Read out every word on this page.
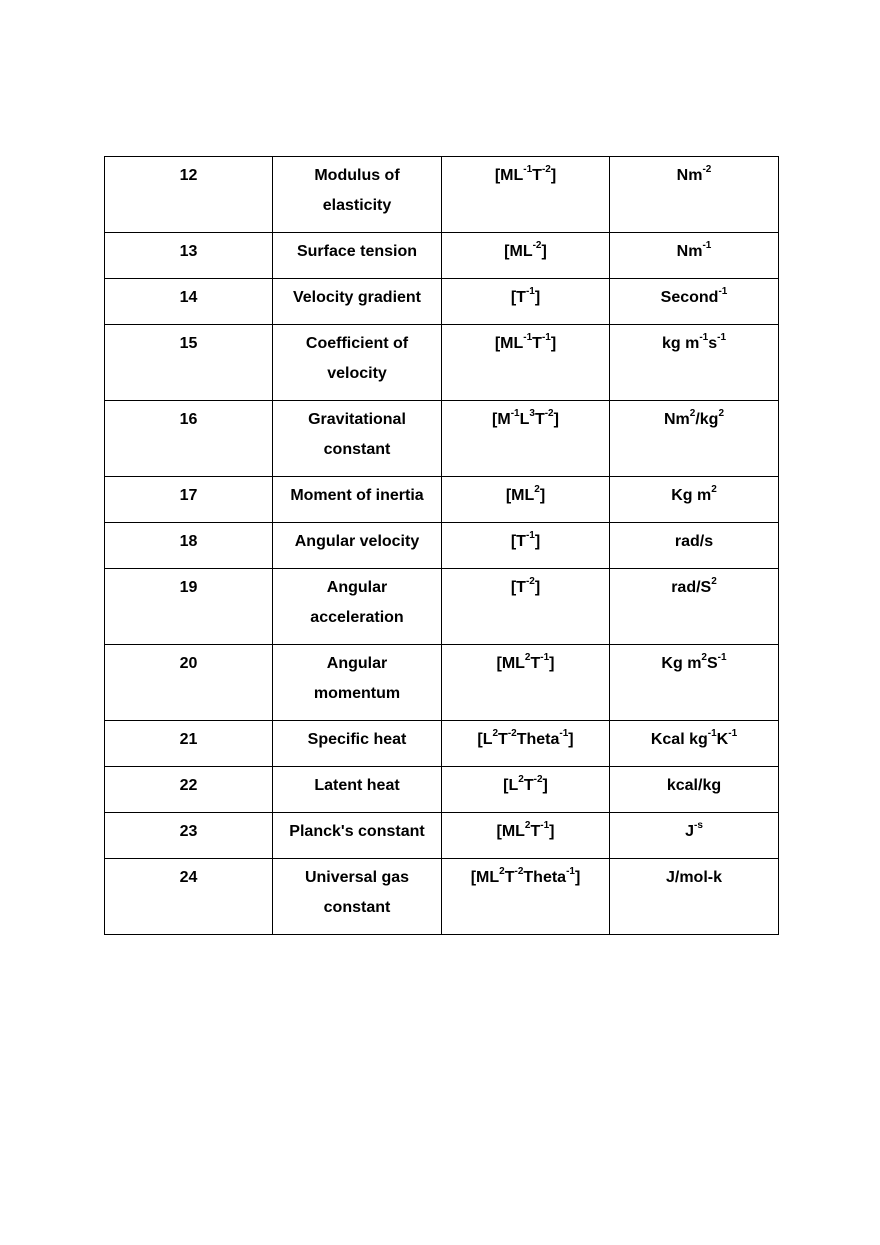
12	Modulus of elasticity	$[ML^{-1}T^{-2}]$	$Nm^{-2}$
13	Surface tension	$[ML^{-2}]$	$Nm^{-1}$
14	Velocity gradient	$[T^{-1}]$	Second$^{-1}$
15	Coefficient of velocity	$[ML^{-1}T^{-1}]$	kg $m^{-1}s^{-1}$
16	Gravitational constant	$[M^{-1}L^3T^{-2}]$	$Nm^2/kg^2$
17	Moment of inertia	$[ML^2]$	Kg $m^2$
18	Angular velocity	$[T^{-1}]$	rad/s
19	Angular acceleration	$[T^{-2}]$	rad/$S^2$
20	Angular momentum	$[ML^2T^{-1}]$	Kg $m^2S^{-1}$
21	Specific heat	$[L^2T^{-2}Theta^{-1}]$	Kcal $kg^{-1}K^{-1}$
22	Latent heat	$[L^2T^{-2}]$	kcal/kg
23	Planck's constant	$[ML^2T^{-1}]$	$J^{-s}$
24	Universal gas constant	$[ML^2T^{-2}Theta^{-1}]$	J/mol-k
